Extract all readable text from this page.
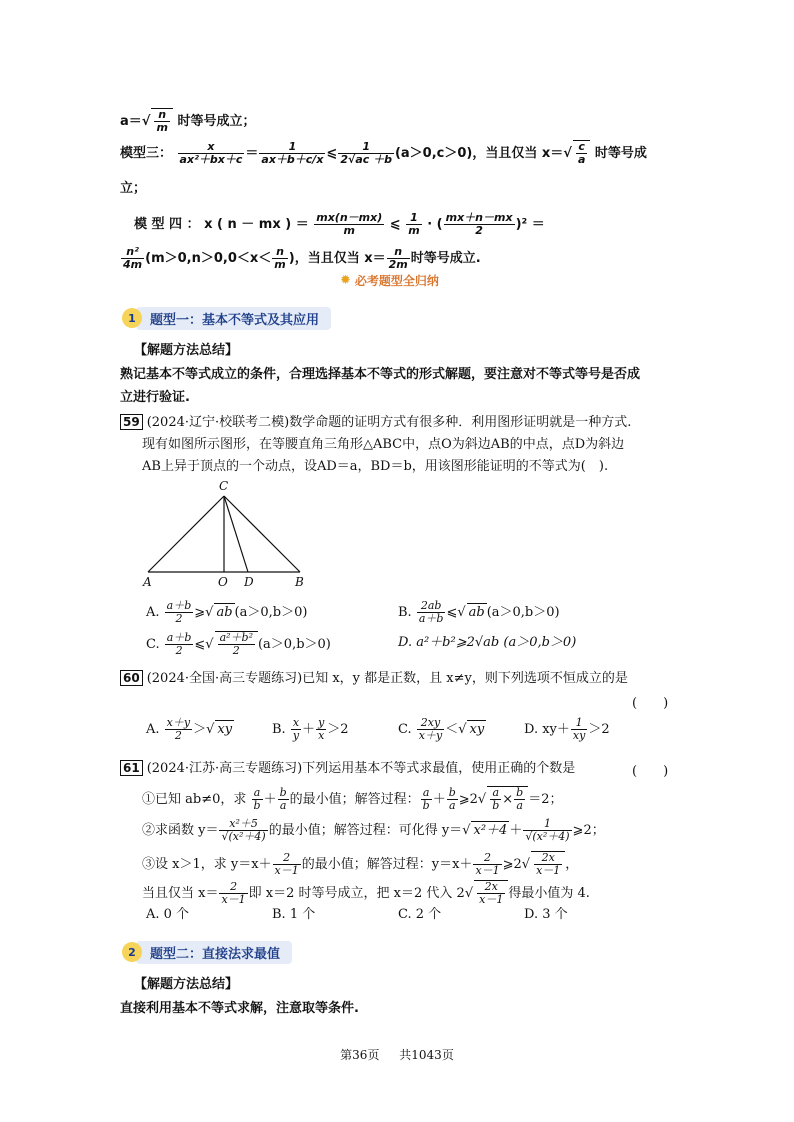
$a=√ \frac{n}{m}$ 时等号成立；
模型三： $\frac{x}{\text{ax²＋bx＋c}} = \frac{1}{ax+b+c/x}$ ⩽ $\frac{1}{2√ac +b} (a>0,c>0)$，当且仅当 $x=√ \frac{c}{a}$ 时等号成
立；
模 型 四 ： x ( n － mx ) ＝ $\frac{mx(n-mx)}{m}$ ⩽ $\frac{1}{m}$ · ( $\frac{mx+n-mx}{2} )^2$ ＝
$\frac{\text{n²}}{4m} (m>0,n>0,0<x< \frac{n}{m}$ )，当且仅当 $x= \frac{n}{2m}$ 时等号成立.
✹ 必考题型全归纳
1	题型一：基本不等式及其应用
【解题方法总结】
熟记基本不等式成立的条件，合理选择基本不等式的形式解题，要注意对不等式等号是否成
立进行验证.
59 (2024·辽宁·校联考二模)数学命题的证明方式有很多种．利用图形证明就是一种方式.
现有如图所示图形，在等腰直角三角形△ABC中，点O为斜边AB的中点，点D为斜边
AB上异于顶点的一个动点，设AD＝a，BD＝b，用该图形能证明的不等式为(　).
C
A	O D	B
A. $\frac{a+b}{2}$ ⩾√ ab (a＞0,b＞0)	B. $\frac{2ab}{a+b}$ ⩽√ ab (a＞0,b＞0)
C. $\frac{a+b}{2}$ ⩽√ $\frac{\text{a²＋b²}}{2} (a>0,b>0)$	D. a²＋b²⩾2√ab (a＞0,b＞0)
60 (2024·全国·高三专题练习)已知 x，y 都是正数，且 x≠y，则下列选项不恒成立的是
(　　)
A. $\frac{x+y}{2}$ ＞√ xy	B. $\frac{x}{y} + \frac{y}{x} >2$	C. $\frac{2xy}{x+y}$ ＜√ xy	D. $xy+ \frac{1}{xy} >2$
61 (2024·江苏·高三专题练习)下列运用基本不等式求最值，使用正确的个数是	(　　)
①已知 ab≠0，求 $\frac{a}{b} + \frac{b}{a}$ 的最小值；解答过程： $\frac{a}{b} + \frac{b}{a}$ ⩾2√ $\frac{a}{b} \times \frac{b}{a} =2$；
②求函数 $y= \frac{\text{x²＋5}}{\text{√(x²＋4)}}$ 的最小值；解答过程：可化得 y＝√ $x^2+4 + \frac{1}{\text{√(x²＋4)}}$ ⩾2；
③设 x＞1，求 $y=x+ \frac{2}{x-1}$ 的最小值；解答过程：$y=x+ \frac{2}{x-1}$ ⩾2√ $\frac{2x}{x-1}$ ，
当且仅当 $x= \frac{2}{x-1}$ 即 x＝2 时等号成立，把 x＝2 代入 $2√ \frac{2x}{x-1}$ 得最小值为 4.
A. 0 个	B. 1 个	C. 2 个	D. 3 个
2	题型二：直接法求最值
【解题方法总结】
直接利用基本不等式求解，注意取等条件.
第36页 共1043页
